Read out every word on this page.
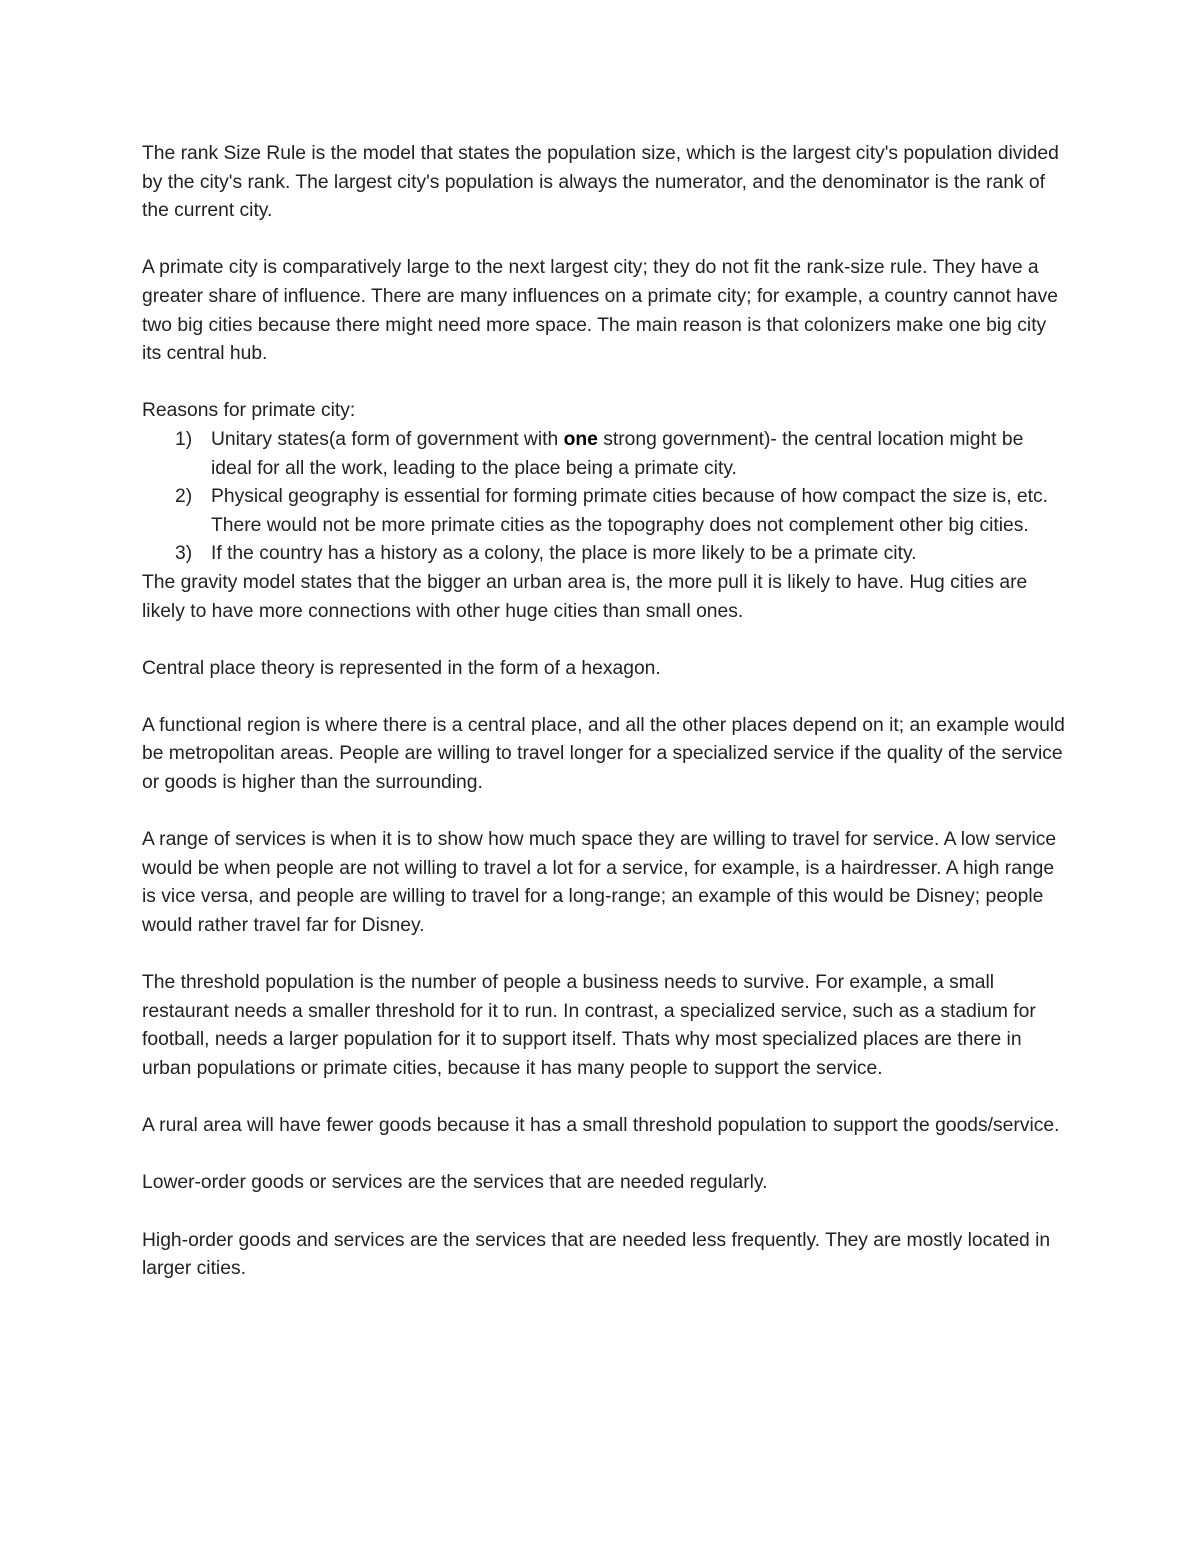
The rank Size Rule is the model that states the population size, which is the largest city's population divided by the city's rank. The largest city's population is always the numerator, and the denominator is the rank of the current city.

A primate city is comparatively large to the next largest city; they do not fit the rank-size rule. They have a greater share of influence. There are many influences on a primate city; for example, a country cannot have two big cities because there might need more space. The main reason is that colonizers make one big city its central hub.

Reasons for primate city:
1) Unitary states(a form of government with one strong government)- the central location might be ideal for all the work, leading to the place being a primate city.
2) Physical geography is essential for forming primate cities because of how compact the size is, etc. There would not be more primate cities as the topography does not complement other big cities.
3) If the country has a history as a colony, the place is more likely to be a primate city.

The gravity model states that the bigger an urban area is, the more pull it is likely to have. Hug cities are likely to have more connections with other huge cities than small ones.

Central place theory is represented in the form of a hexagon.

A functional region is where there is a central place, and all the other places depend on it; an example would be metropolitan areas. People are willing to travel longer for a specialized service if the quality of the service or goods is higher than the surrounding.

A range of services is when it is to show how much space they are willing to travel for service. A low service would be when people are not willing to travel a lot for a service, for example, is a hairdresser. A high range is vice versa, and people are willing to travel for a long-range; an example of this would be Disney; people would rather travel far for Disney.

The threshold population is the number of people a business needs to survive. For example, a small restaurant needs a smaller threshold for it to run. In contrast, a specialized service, such as a stadium for football, needs a larger population for it to support itself. Thats why most specialized places are there in urban populations or primate cities, because it has many people to support the service.

A rural area will have fewer goods because it has a small threshold population to support the goods/service.

Lower-order goods or services are the services that are needed regularly.

High-order goods and services are the services that are needed less frequently. They are mostly located in larger cities.
